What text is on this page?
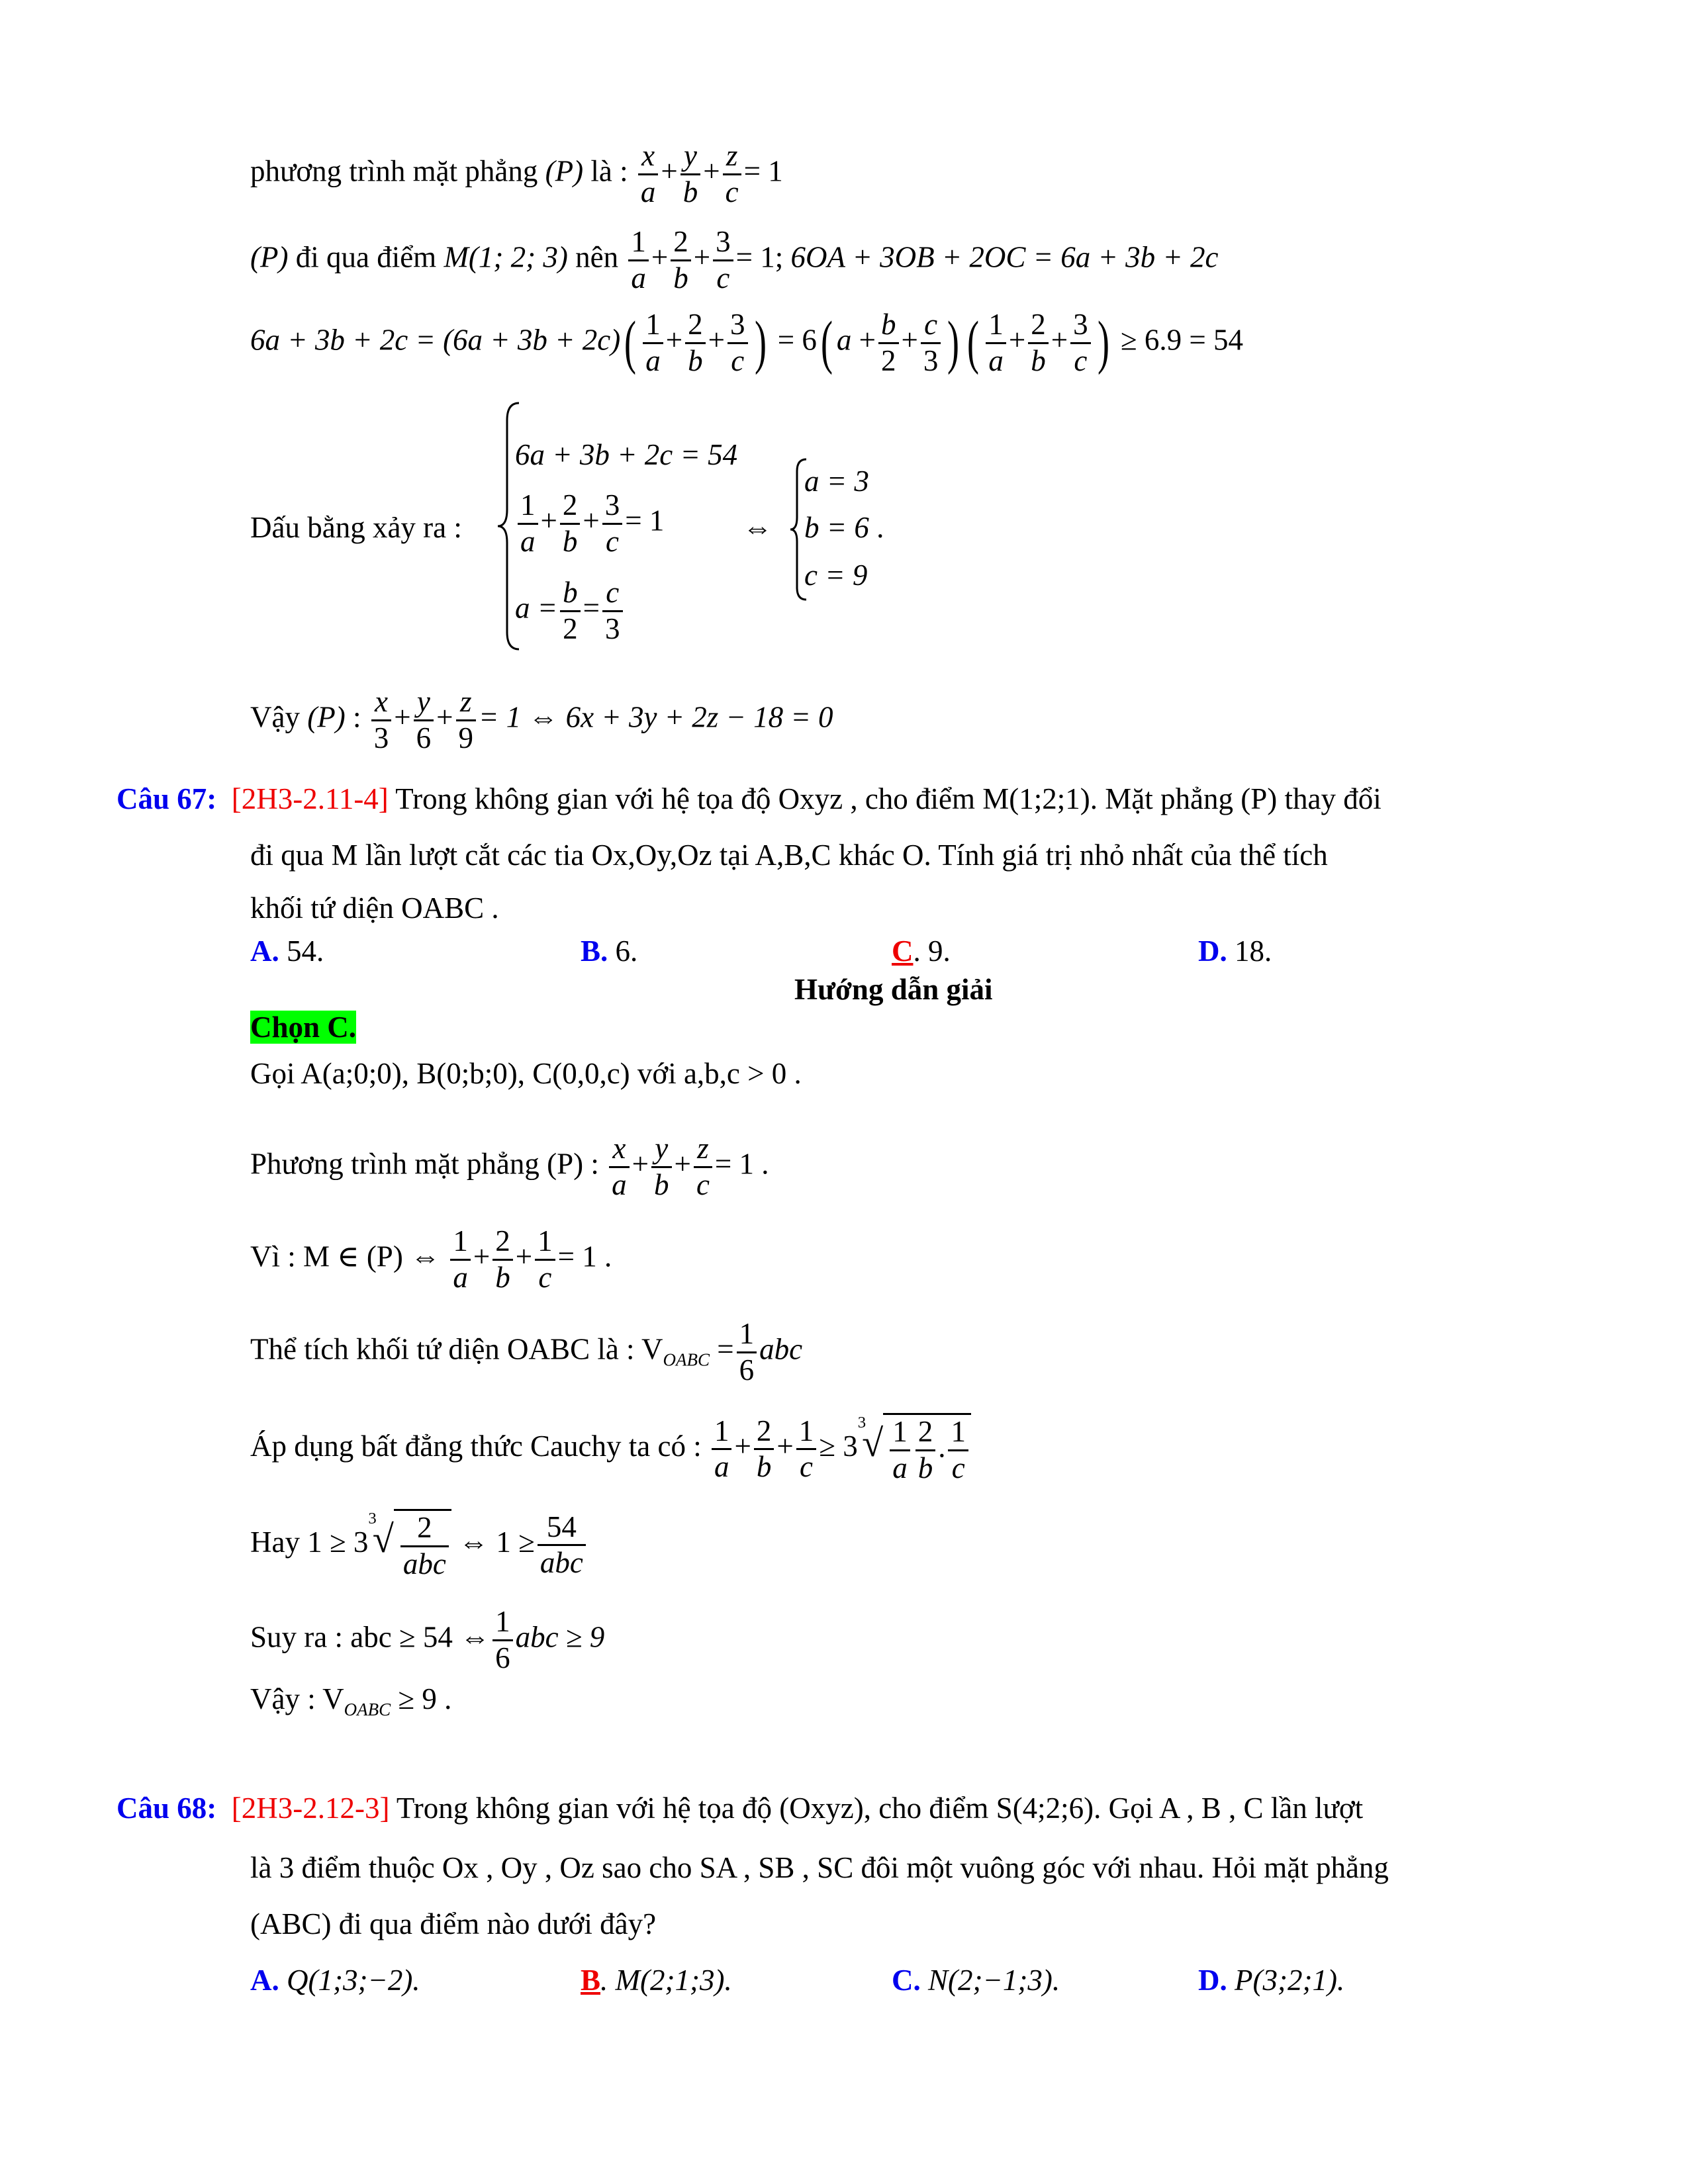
phương trình mặt phẳng (P) là : $\frac{x}{a} + \frac{y}{b} + \frac{z}{c} = 1$
(P) đi qua điểm M(1; 2; 3) nên $\frac{1}{a} + \frac{2}{b} + \frac{3}{c} = 1$; 6OA + 3OB + 2OC = 6a + 3b + 2c
$6a + 3b + 2c = (6a + 3b + 2c)( \frac{1}{a} + \frac{2}{b} + \frac{3}{c}$ ) = 6( $a + \frac{b}{2} + \frac{c}{3}$ ) ( $\frac{1}{a} + \frac{2}{b} + \frac{3}{c}$ ) ≥ 6.9 = 54
Dấu bằng xảy ra :
6a + 3b + 2c = 54
$\frac{1}{a} + \frac{2}{b} + \frac{3}{c} = 1$
$a = \frac{b}{2} = \frac{c}{3}$
⇔
a = 3
b = 6 .
c = 9
Vậy (P) : $\frac{x}{3} + \frac{y}{6} + \frac{z}{9} = 1$ ⇔ 6x + 3y + 2z − 18 = 0
Câu 67: [2H3-2.11-4] Trong không gian với hệ tọa độ Oxyz , cho điểm M(1;2;1). Mặt phẳng (P) thay đổi
đi qua M lần lượt cắt các tia Ox,Oy,Oz tại A,B,C khác O. Tính giá trị nhỏ nhất của thể tích
khối tứ diện OABC .
A. 54.	B. 6.	C. 9.	D. 18.
Hướng dẫn giải
Chọn C.
Gọi A(a;0;0), B(0;b;0), C(0,0,c) với a,b,c > 0 .
Phương trình mặt phẳng (P) : $\frac{x}{a} + \frac{y}{b} + \frac{z}{c} = 1$ .
Vì : M ∈ (P) ⇔ $\frac{1}{a} + \frac{2}{b} + \frac{1}{c} = 1$ .
Thể tích khối tứ diện OABC là : $V_{OABC} = \frac{1}{6}$ abc
Áp dụng bất đẳng thức Cauchy ta có : $\frac{1}{a} + \frac{2}{b} + \frac{1}{c} \ge 3^3√ \frac{1}{a} \frac{2}{b}$ . $\frac{1}{c}$
Hay $1 \ge 3^3√ \frac{2}{\text{abc}}$ ⇔ $1 \ge \frac{54}{\text{abc}}$
Suy ra : abc ≥ 54 ⇔ $\frac{1}{6}$ abc ≥ 9
Vậy : $V_{OABC} \ge 9$ .
Câu 68: [2H3-2.12-3] Trong không gian với hệ tọa độ (Oxyz), cho điểm S(4;2;6). Gọi A , B , C lần lượt
là 3 điểm thuộc Ox , Oy , Oz sao cho SA , SB , SC đôi một vuông góc với nhau. Hỏi mặt phẳng
(ABC) đi qua điểm nào dưới đây?
A. Q(1;3;−2).	B. M(2;1;3).	C. N(2;−1;3).	D. P(3;2;1).
